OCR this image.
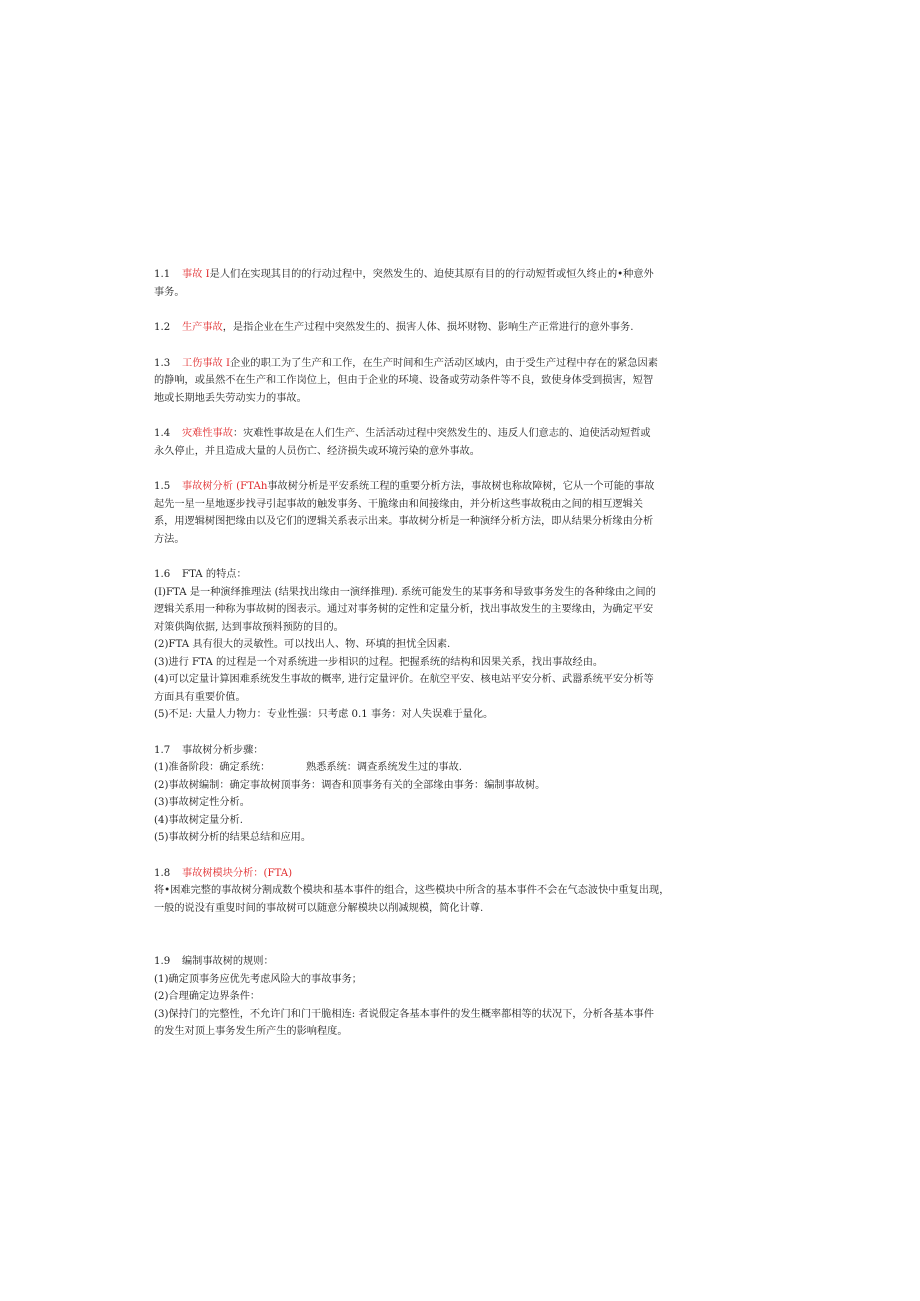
1.1 事故 I是人们在实现其目的的行动过程中，突然发生的、迫使其原有目的的行动短哲或恒久终止的•种意外
事务。
1.2 生产事故，是指企业在生产过程中突然发生的、损害人体、损坏财物、影响生产正常进行的意外事务.
1.3 工伤事故 I企业的职工为了生产和工作，在生产时间和生产活动区域内，由于受生产过程中存在的紧急因素
的静响，或虽然不在生产和工作岗位上，但由于企业的环境、设备或劳动条件等不良，致使身体受到损害，短智
地或长期地丢失劳动实力的事故。
1.4 灾难性事故：灾难性事故是在人们生产、生活活动过程中突然发生的、违反人们意志的、迫使活动短哲或
永久停止，并且造成大量的人员伤亡、经济损失或环境污染的意外事故。
1.5 事故树分析 (FTAh事故树分析是平安系统工程的重要分析方法，事故树也称故障树，它从一个可能的事故
起先一星一星地逐步找寻引起事故的触发事务、干脆缘由和间接缘由，并分析这些事故税由之间的相互逻辑关
系，用逻辑树图把缘由以及它们的逻辑关系表示出来。事故树分析是一种演绎分析方法，即从结果分析缘由分析
方法。
1.6 FTA 的特点：
(I)FTA 是一种演绎推理法 (结果找出缘由一演绎推理). 系统可能发生的某事务和导致事务发生的各种缘由之间的
逻辑关系用一种称为事故树的图表示。通过对事务树的定性和定量分析，找出事故发生的主要缘由，为确定平安
对策供陶依据, 达到事故预料预防的目的。
(2)FTA 具有很大的灵敏性。可以找出人、物、环填的担忧全因素.
(3)进行 FTA 的过程是一个对系统进一步相识的过程。把握系统的结构和因果关系，找出事故经由。
(4)可以定量计算困难系统发生事故的概率, 进行定量评价。在航空平安、核电站平安分析、武嚣系统平安分析等
方面具有重要价值。
(5)不足: 大量人力物力：专业性强：只考虑 0.1 事务：对人失误难于量化。
1.7 事故树分析步骤：
(1)准备阶段：确定系统：　　　　熟悉系统：调查系统发生过的事故.
(2)事故树编制：确定事故树顶事务：调杳和顶事务有关的全部缘由事务：编制事故树。
(3)事故树定性分析。
(4)事故树定量分析.
(5)事故树分析的结果总结和应用。
1.8 事故树模块分析：(FTA)
将•困难完整的事故树分割成数个模块和基本事件的组合，这些模块中所含的基本事件不会在气态波快中重复出现，
一般的说没有重叟时间的事故树可以随意分解模块以削减规模，简化计尊.
1.9 编制事故树的规则：
(1)确定顶事务应优先考虑风险大的事故事务；
(2)合理确定边界条件：
(3)保持门的完整性，不允许门和门干脆相连: 者说假定各基本事件的发生概率都相等的状况下，分析各基本事件
的发生对顶上事务发生所产生的影响程度。
